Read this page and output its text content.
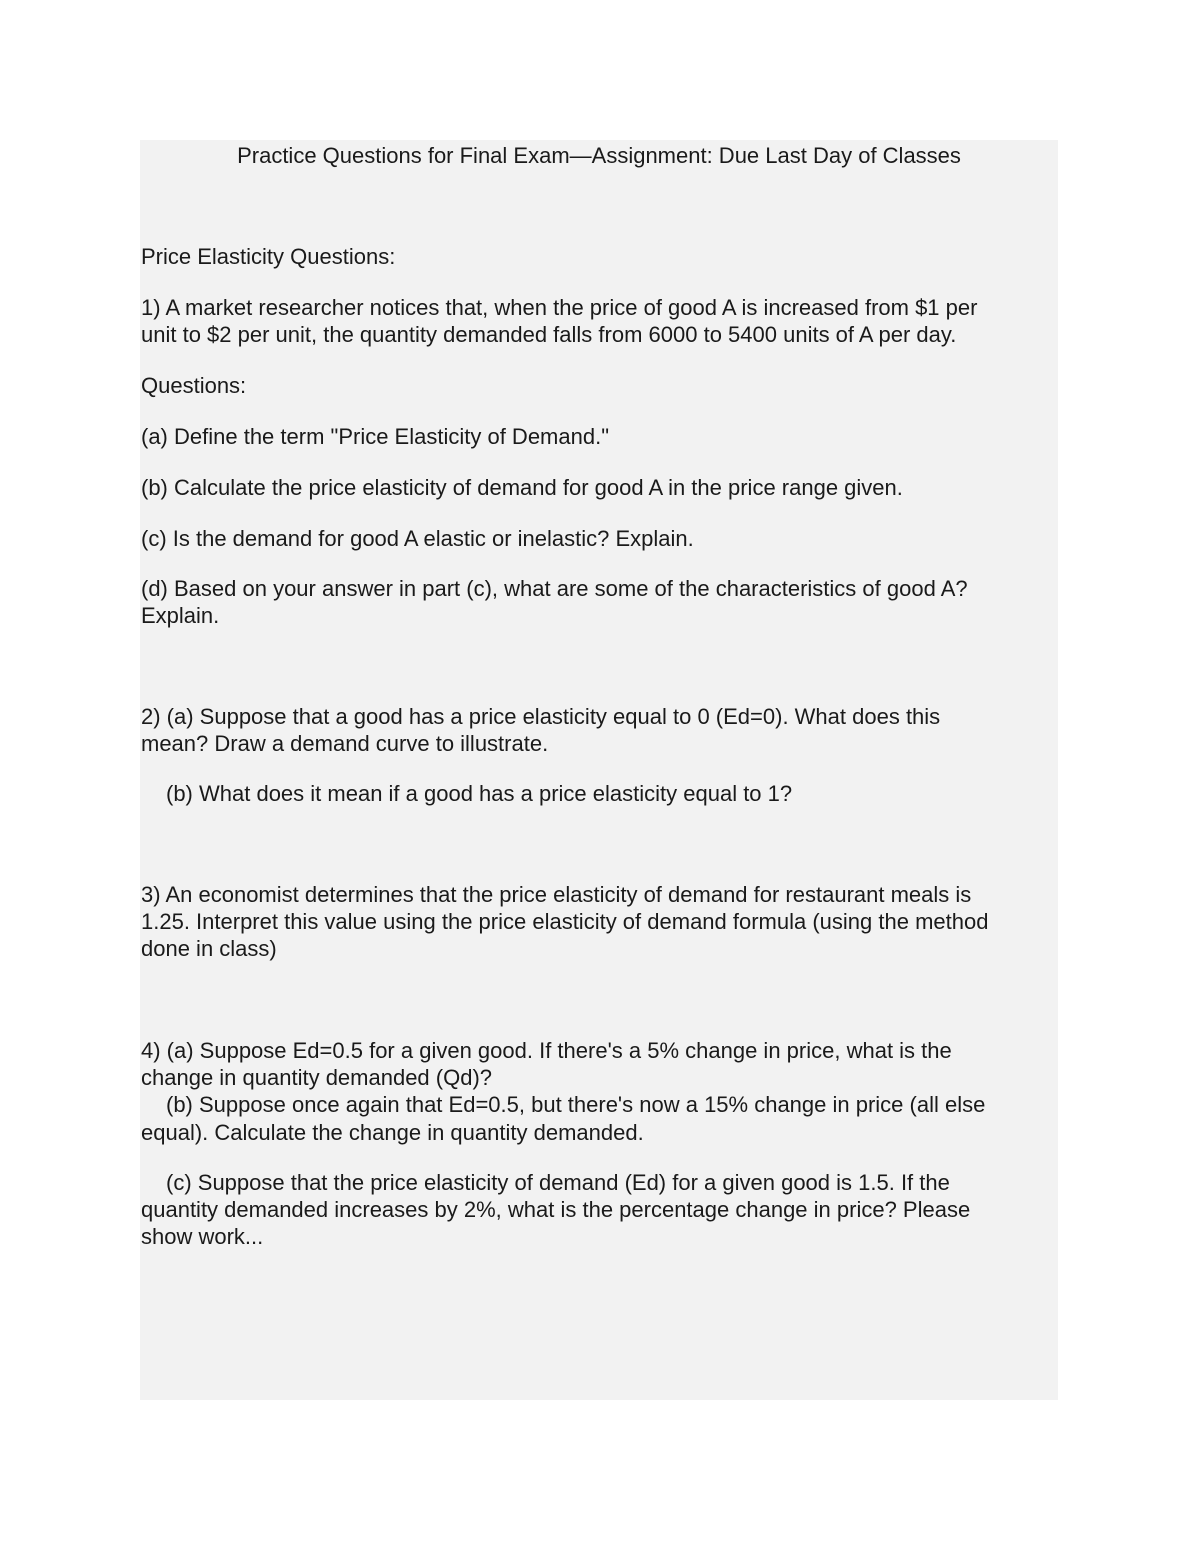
Practice Questions for Final Exam—Assignment: Due Last Day of Classes
Price Elasticity Questions:
1) A market researcher notices that, when the price of good A is increased from $1 per
unit to $2 per unit, the quantity demanded falls from 6000 to 5400 units of A per day.
Questions:
(a) Define the term "Price Elasticity of Demand."
(b) Calculate the price elasticity of demand for good A in the price range given.
(c) Is the demand for good A elastic or inelastic? Explain.
(d) Based on your answer in part (c), what are some of the characteristics of good A?
Explain.
2) (a) Suppose that a good has a price elasticity equal to 0 (Ed=0). What does this
mean? Draw a demand curve to illustrate.
(b) What does it mean if a good has a price elasticity equal to 1?
3) An economist determines that the price elasticity of demand for restaurant meals is
1.25. Interpret this value using the price elasticity of demand formula (using the method
done in class)
4) (a) Suppose Ed=0.5 for a given good. If there's a 5% change in price, what is the
change in quantity demanded (Qd)?
(b) Suppose once again that Ed=0.5, but there's now a 15% change in price (all else
equal). Calculate the change in quantity demanded.
(c) Suppose that the price elasticity of demand (Ed) for a given good is 1.5. If the
quantity demanded increases by 2%, what is the percentage change in price? Please
show work...
